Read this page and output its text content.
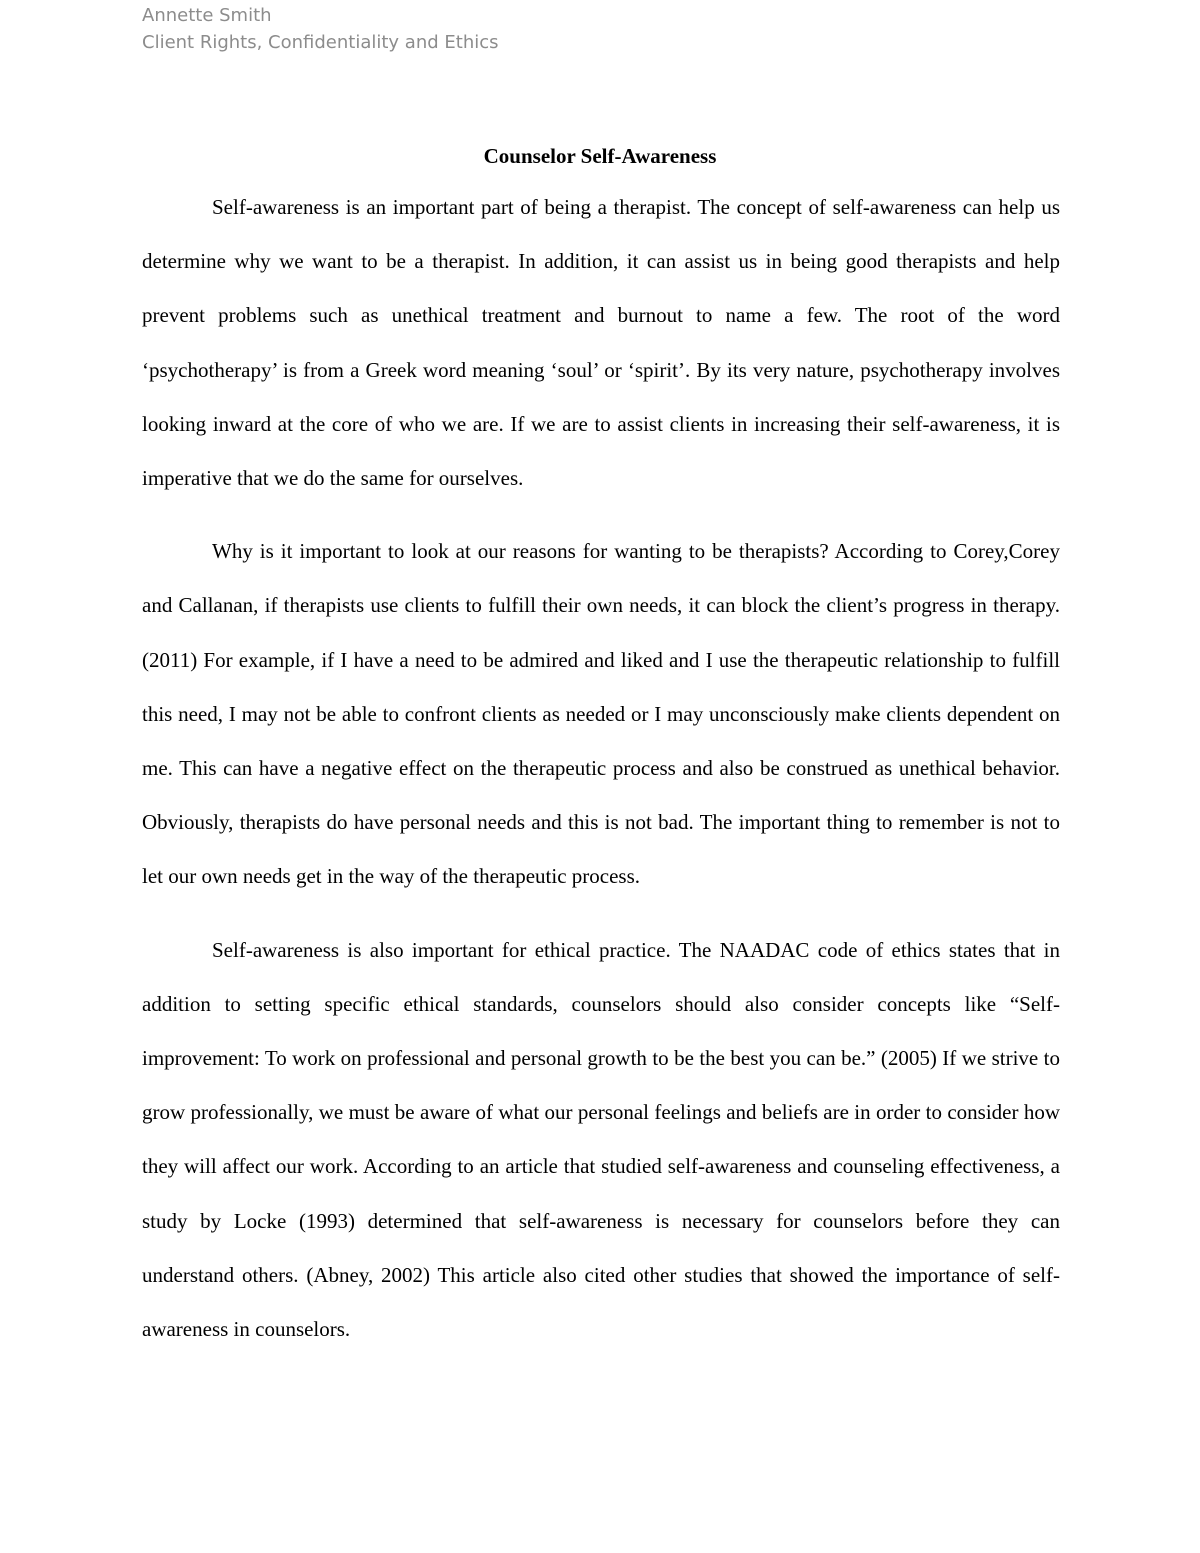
Annette Smith
Client Rights, Confidentiality and Ethics
Counselor Self-Awareness

Self-awareness is an important part of being a therapist. The concept of self-awareness can help us determine why we want to be a therapist. In addition, it can assist us in being good therapists and help prevent problems such as unethical treatment and burnout to name a few. The root of the word ‘psychotherapy’ is from a Greek word meaning ‘soul’ or ‘spirit’. By its very nature, psychotherapy involves looking inward at the core of who we are. If we are to assist clients in increasing their self-awareness, it is imperative that we do the same for ourselves.

Why is it important to look at our reasons for wanting to be therapists? According to Corey,Corey and Callanan, if therapists use clients to fulfill their own needs, it can block the client’s progress in therapy.(2011) For example, if I have a need to be admired and liked and I use the therapeutic relationship to fulfill this need, I may not be able to confront clients as needed or I may unconsciously make clients dependent on me. This can have a negative effect on the therapeutic process and also be construed as unethical behavior. Obviously, therapists do have personal needs and this is not bad. The important thing to remember is not to let our own needs get in the way of the therapeutic process.

Self-awareness is also important for ethical practice. The NAADAC code of ethics states that in addition to setting specific ethical standards, counselors should also consider concepts like “Self-improvement: To work on professional and personal growth to be the best you can be.” (2005) If we strive to grow professionally, we must be aware of what our personal feelings and beliefs are in order to consider how they will affect our work. According to an article that studied self-awareness and counseling effectiveness, a study by Locke (1993) determined that self-awareness is necessary for counselors before they can understand others. (Abney, 2002) This article also cited other studies that showed the importance of self-awareness in counselors.
